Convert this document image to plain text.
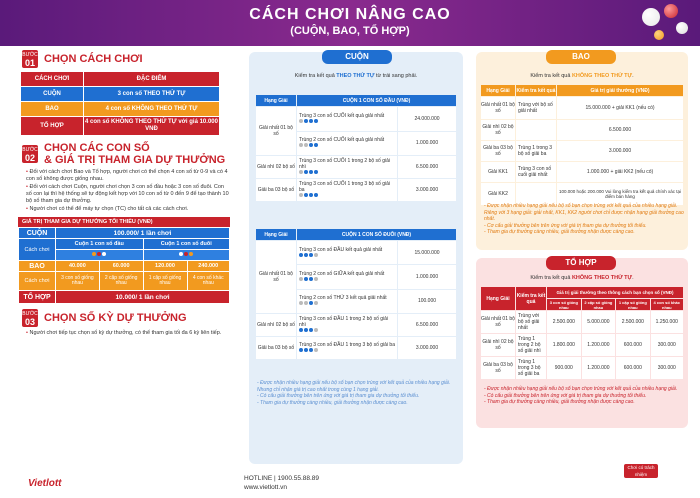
CÁCH CHƠI NÂNG CAO
(CUỘN, BAO, TỔ HỢP)
BƯỚC
01 CHỌN CÁCH CHƠI
CÁCH CHƠI	ĐẶC ĐIỂM
CUỘN	3 con số THEO THỨ TỰ
BAO	4 con số KHÔNG THEO THỨ TỰ
TỔ HỢP	4 con số KHÔNG THEO THỨ TỰ với giá 10.000 VNĐ
BƯỚC
02
CHỌN CÁC CON SỐ
& GIÁ TRỊ THAM GIA DỰ THƯỞNG
• Đối với cách chơi Bao và Tổ hợp, người chơi có thể chọn 4 con số từ 0-9 và có 4 con số không được giống nhau.
• Đối với cách chơi Cuộn, người chơi chọn 3 con số đầu hoặc 3 con số đuôi. Con số con lại thì hệ thống sẽ tự động kết hợp với 10 con số từ 0 đến 9 để tạo thành 10 bộ số tham gia dự thưởng.
• Người chơi có thể để máy tự chọn (TC) cho tất cả các cách chơi.
GIÁ TRỊ THAM GIA DỰ THƯỞNG TỐI THIỂU (VNĐ)
CUỘN	100.000/ 1 lần chơi			
Cách chơi	Cuộn 1 con số đầu		Cuộn 1 con số đuôi	

BAO	40.000	60.000	120.000	240.000
Cách chơi	3 con số giống nhau	2 cặp số giống nhau	1 cặp số giống nhau	4 con số khác nhau
TỔ HỢP	10.000/ 1 lần chơi			
BƯỚC
03 CHỌN SỐ KỲ DỰ THƯỞNG
• Người chơi tiếp tục chọn số kỳ dự thưởng, có thể tham gia tối đa 6 kỳ liên tiếp.
CUỘN
Kiểm tra kết quả THEO THỨ TỰ từ trái sang phải.
Hạng Giải	CUỘN 1 CON SỐ ĐẦU (VNĐ)	
Giải nhất 01 bộ số	Trùng 3 con số CUỐI kết quả giải nhất	24.000.000

	Trùng 2 con số CUỐI kết quả giải nhất	1.000.000
Giải nhì 02 bộ số	Trùng 3 con số CUỐI 1 trong 2 bộ số giải nhì	6.500.000
Giải ba 03 bộ số	Trùng 3 con số CUỐI 1 trong 3 bộ số giải ba	3.000.000
Hạng Giải	CUỘN 1 CON SỐ ĐUÔI (VNĐ)	
Giải nhất 01 bộ số	Trùng 3 con số ĐẦU kết quả giải nhất	15.000.000

	Trùng 2 con số GIỮA kết quả giải nhất	1.000.000

	Trùng 2 con số THỨ 3 kết quả giải nhất	100.000
Giải nhì 02 bộ số	Trùng 3 con số ĐẦU 1 trong 2 bộ số giải nhì	6.500.000
Giải ba 03 bộ số	Trùng 3 con số ĐẦU 1 trong 3 bộ số giải ba	3.000.000
- Được nhận nhiều hạng giải nếu bộ số bạn chọn trùng với kết quả của nhiều hạng giải. Nhưng chỉ nhận giá trị cao nhất trong cùng 1 hạng giải.
- Có cấu giải thưởng bên trên ứng với giá trị tham gia dự thưởng tối thiểu.
- Tham gia dự thưởng càng nhiều, giải thưởng nhận được càng cao.
BAO
Kiểm tra kết quả KHÔNG THEO THỨ TỰ.
Hạng Giải	Kiểm tra kết quả	Giá trị giải thưởng (VNĐ)
Giải nhất 01 bộ số	Trùng với bộ số giải nhất	15.000.000 + giải KK1 (nếu có)
Giải nhì 02 bộ số		6.500.000
Giải ba 03 bộ số	Trùng 1 trong 3 bộ số giải ba	3.000.000
Giải KK1	Trùng 3 con số cuối giải nhất	1.000.000 + giải KK2 (nếu có)
Giải KK2		100.000 hoặc 200.000 Vui lòng kiểm tra kết quả chính xác tại điểm bán hàng
- Được nhận nhiều hạng giải nếu bộ số bạn chọn trùng với kết quả của nhiều hạng giải. Riêng với 3 hạng giải: giải nhất, KK1, KK2 người chơi chỉ được nhận hạng giải thưởng cao nhất.
- Cơ cấu giải thưởng bên trên ứng với giá trị tham gia dự thưởng tối thiểu.
- Tham gia dự thưởng càng nhiều, giải thưởng nhận được càng cao.
TỔ HỢP
Kiểm tra kết quả KHÔNG THEO THỨ TỰ.
Hạng Giải	Kiểm tra kết quả	Giá trị giải thưởng theo thông cách bạn chọn số (VNĐ)			
		3 con số giống nhau	2 cặp số giống nhau	1 cặp số giống nhau	4 con số khác nhau
Giải nhất 01 bộ số	Trùng với bộ số giải nhất	2.500.000	5.000.000	2.500.000	1.250.000
Giải nhì 02 bộ số	Trùng 1 trong 2 bộ số giải nhì	1.800.000	1.200.000	600.000	300.000
Giải ba 03 bộ số	Trùng 1 trong 3 bộ số giải ba	900.000	1.200.000	600.000	300.000
- Được nhận nhiều hạng giải nếu bộ số bạn chọn trùng với kết quả của nhiều hạng giải.
- Có cấu giải thưởng bên trên ứng với giá trị tham gia dự thưởng tối thiểu.
- Tham gia dự thưởng càng nhiều, giải thưởng nhận được càng cao.
Vietlott	HOTLINE | 1900.55.88.89
www.vietlott.vn
Chơi có trách nhiệm
